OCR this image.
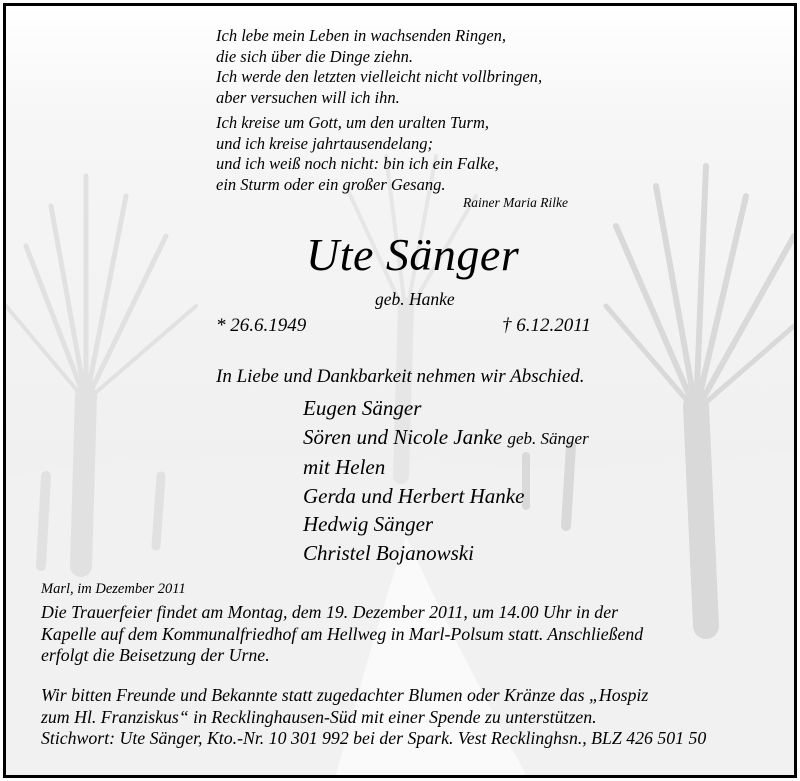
Ich lebe mein Leben in wachsenden Ringen,
die sich über die Dinge ziehn.
Ich werde den letzten vielleicht nicht vollbringen,
aber versuchen will ich ihn.
Ich kreise um Gott, um den uralten Turm,
und ich kreise jahrtausendelang;
und ich weiß noch nicht: bin ich ein Falke,
ein Sturm oder ein großer Gesang.
Rainer Maria Rilke
Ute Sänger
geb. Hanke
* 26.6.1949	† 6.12.2011
In Liebe und Dankbarkeit nehmen wir Abschied.
Eugen Sänger
Sören und Nicole Janke geb. Sänger
mit Helen
Gerda und Herbert Hanke
Hedwig Sänger
Christel Bojanowski
Marl, im Dezember 2011
Die Trauerfeier findet am Montag, dem 19. Dezember 2011, um 14.00 Uhr in der
Kapelle auf dem Kommunalfriedhof am Hellweg in Marl-Polsum statt. Anschließend
erfolgt die Beisetzung der Urne.
Wir bitten Freunde und Bekannte statt zugedachter Blumen oder Kränze das „Hospiz
zum Hl. Franziskus“ in Recklinghausen-Süd mit einer Spende zu unterstützen.
Stichwort: Ute Sänger, Kto.-Nr. 10 301 992 bei der Spark. Vest Recklinghsn., BLZ 426 501 50
